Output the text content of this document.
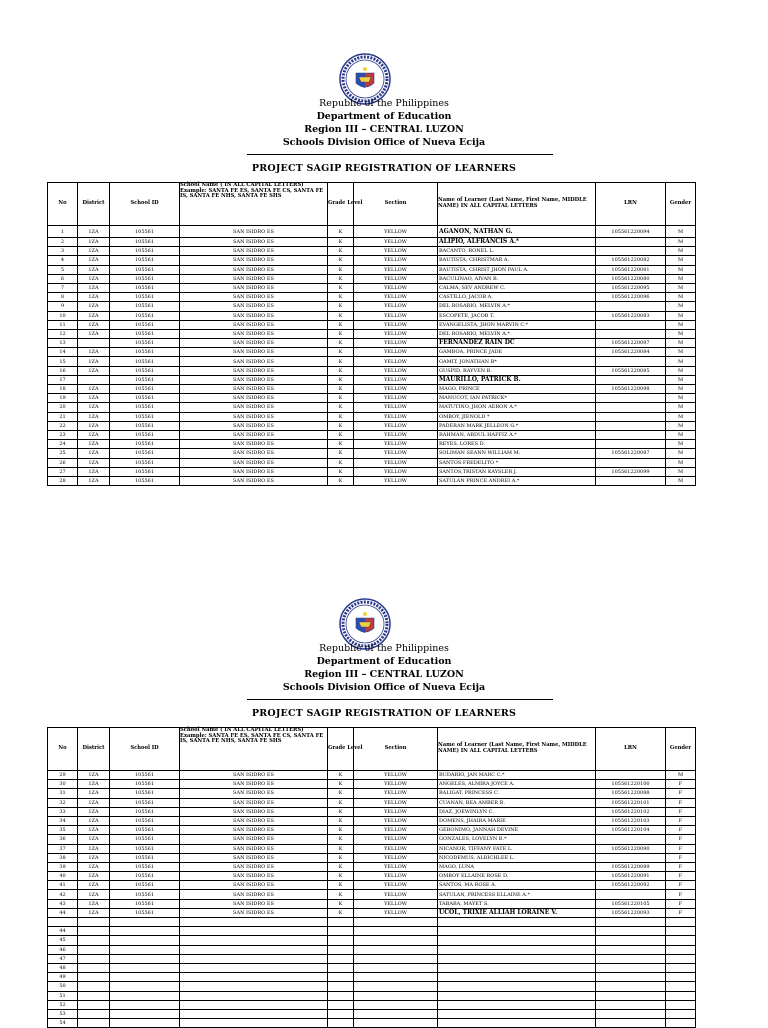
Republic of the Philippines
Department of Education
Region III – CENTRAL LUZON
Schools Division Office of Nueva Ecija
PROJECT SAGIP REGISTRATION OF LEARNERS
No	District	School ID	School Name ( IN ALL CAPITAL LETTERS) Example: SANTA FE ES, SANTA FE CS, SANTA FE IS, SANTA FE NHS, SANTA FE SHS	Grade Level	Section	Name of Learner (Last Name, First Name, MIDDLE NAME) IN ALL CAPITAL LETTERS	LRN	Gender
1	1ZA	105561	SAN ISIDRO ES	K	YELLOW	AGANON, NATHAN G.	105561220094	M
2	1ZA	105561	SAN ISIDRO ES	K	YELLOW	ALIPIO, ALFRANCIS A.*		M
3	1ZA	105561	SAN ISIDRO ES	K	YELLOW	BACANTO, RONEL L.		M
4	1ZA	105561	SAN ISIDRO ES	K	YELLOW	BAUTISTA, CHRISTMAR A.	105561220082	M
5	1ZA	105561	SAN ISIDRO ES	K	YELLOW	BAUTISTA, CHRIST JHON PAUL A.	105561220081	M
6	1ZA	105561	SAN ISIDRO ES	K	YELLOW	BACULINAO, AIVAN B.	105561220080	M
7	1ZA	105561	SAN ISIDRO ES	K	YELLOW	CALMA, SEV ANDREW C.	105561220095	M
8	1ZA	105561	SAN ISIDRO ES	K	YELLOW	CASTILLO, JACOB A.	105561220096	M
9	1ZA	105561	SAN ISIDRO ES	K	YELLOW	DEL ROSARIO, MELVIN A.*		M
10	1ZA	105561	SAN ISIDRO ES	K	YELLOW	ESCOPETE, JACOB T.	105561220083	M
11	1ZA	105561	SAN ISIDRO ES	K	YELLOW	EVANGELISTA, JHON MARVIN C.*		M
12	1ZA	105561	SAN ISIDRO ES	K	YELLOW	DEL ROSARIO, MELVIN A.*		M
13		105561	SAN ISIDRO ES	K	YELLOW	FERNANDEZ RAIN DC	105561220097	M
14	1ZA	105561	SAN ISIDRO ES	K	YELLOW	GAMBOA, PRINCE JADE	105561220084	M
15	1ZA	105561	SAN ISIDRO ES	K	YELLOW	GAMIT, JONATHAN B*		M
16	1ZA	105561	SAN ISIDRO ES	K	YELLOW	GUSPID, RAYVEN B.	105561220085	M
17		105561	SAN ISIDRO ES	K	YELLOW	MAURILLO, PATRICK B.		M
18	1ZA	105561	SAN ISIDRO ES	K	YELLOW	MAGO, PRINCE	105561220098	M
19	1ZA	105561	SAN ISIDRO ES	K	YELLOW	MANUCOT, IAN PATRICK*		M
20	1ZA	105561	SAN ISIDRO ES	K	YELLOW	MATUTINO, JHON AERON A.*		M
21	1ZA	105561	SAN ISIDRO ES	K	YELLOW	OMBOY, JIENOLD *		M
22	1ZA	105561	SAN ISIDRO ES	K	YELLOW	PADERAN MARK JELLEON G.*		M
23	1ZA	105561	SAN ISIDRO ES	K	YELLOW	RAHMAN, ABDUL HAFFIZ A.*		M
24	1ZA	105561	SAN ISIDRO ES	K	YELLOW	REYES, LORES D.		M
25	1ZA	105561	SAN ISIDRO ES	K	YELLOW	SOLIMAN SEANN WILLIAM M.	105561220087	M
26	1ZA	105561	SAN ISIDRO ES	K	YELLOW	SANTOS FREDELITO *		M
27	1ZA	105561	SAN ISIDRO ES	K	YELLOW	SANTOS,TRISTAN KAYSLER J.	105561220099	M
28	1ZA	105561	SAN ISIDRO ES	K	YELLOW	SATULAN PRINCE ANDREI A.*		M
Republic of the Philippines
Department of Education
Region III – CENTRAL LUZON
Schools Division Office of Nueva Ecija
PROJECT SAGIP REGISTRATION OF LEARNERS
No	District	School ID	School Name ( IN ALL CAPITAL LETTERS) Example: SANTA FE ES, SANTA FE CS, SANTA FE IS, SANTA FE NHS, SANTA FE SHS	Grade Level	Section	Name of Learner (Last Name, First Name, MIDDLE NAME) IN ALL CAPITAL LETTERS	LRN	Gender
29	1ZA	105561	SAN ISIDRO ES	K	YELLOW	BUDARIO, JAN MARC C.*		M
30	1ZA	105561	SAN ISIDRO ES	K	YELLOW	ANGELES, ALMIRA JOYCE A.	105561220100	F
31	1ZA	105561	SAN ISIDRO ES	K	YELLOW	BALIGAT, PRINCESS C.	105561220088	F
32	1ZA	105561	SAN ISIDRO ES	K	YELLOW	CUANAN, BEA AMBER B.	105561220101	F
33	1ZA	105561	SAN ISIDRO ES	K	YELLOW	DIAZ, JOEWINLYN C.	105561220102	F
34	1ZA	105561	SAN ISIDRO ES	K	YELLOW	DOMENS, JHAIRA MARIE	105561220103	F
35	1ZA	105561	SAN ISIDRO ES	K	YELLOW	GERONIMO, JANNAH DEVINE	105561220104	F
36	1ZA	105561	SAN ISIDRO ES	K	YELLOW	GONZALES, LOVELYN B.*		F
37	1ZA	105561	SAN ISIDRO ES	K	YELLOW	NICANOR, TIFFANY FATE L.	105561220090	F
38	1ZA	105561	SAN ISIDRO ES	K	YELLOW	NICODEMUS, ALRICHLEE L.		F
39	1ZA	105561	SAN ISIDRO ES	K	YELLOW	MAGO, LUNA	105561220089	F
40	1ZA	105561	SAN ISIDRO ES	K	YELLOW	OMBOY ELLAINE ROSE D.	105561220091	F
41	1ZA	105561	SAN ISIDRO ES	K	YELLOW	SANTOS, MA ROSE A.	105561220092	F
42	1ZA	105561	SAN ISIDRO ES	K	YELLOW	SATULAN, PRINCESS ELLAINE A.*		F
43	1ZA	105561	SAN ISIDRO ES	K	YELLOW	TABABA, MAYET S.	105561220105	F
44	1ZA	105561	SAN ISIDRO ES	K	YELLOW	UCOL, TRIXIE ALLIAH LORAINE V.	105561220093	F

44								
45								
46								
47								
48								
49								
50								
51								
52								
53								
54								
